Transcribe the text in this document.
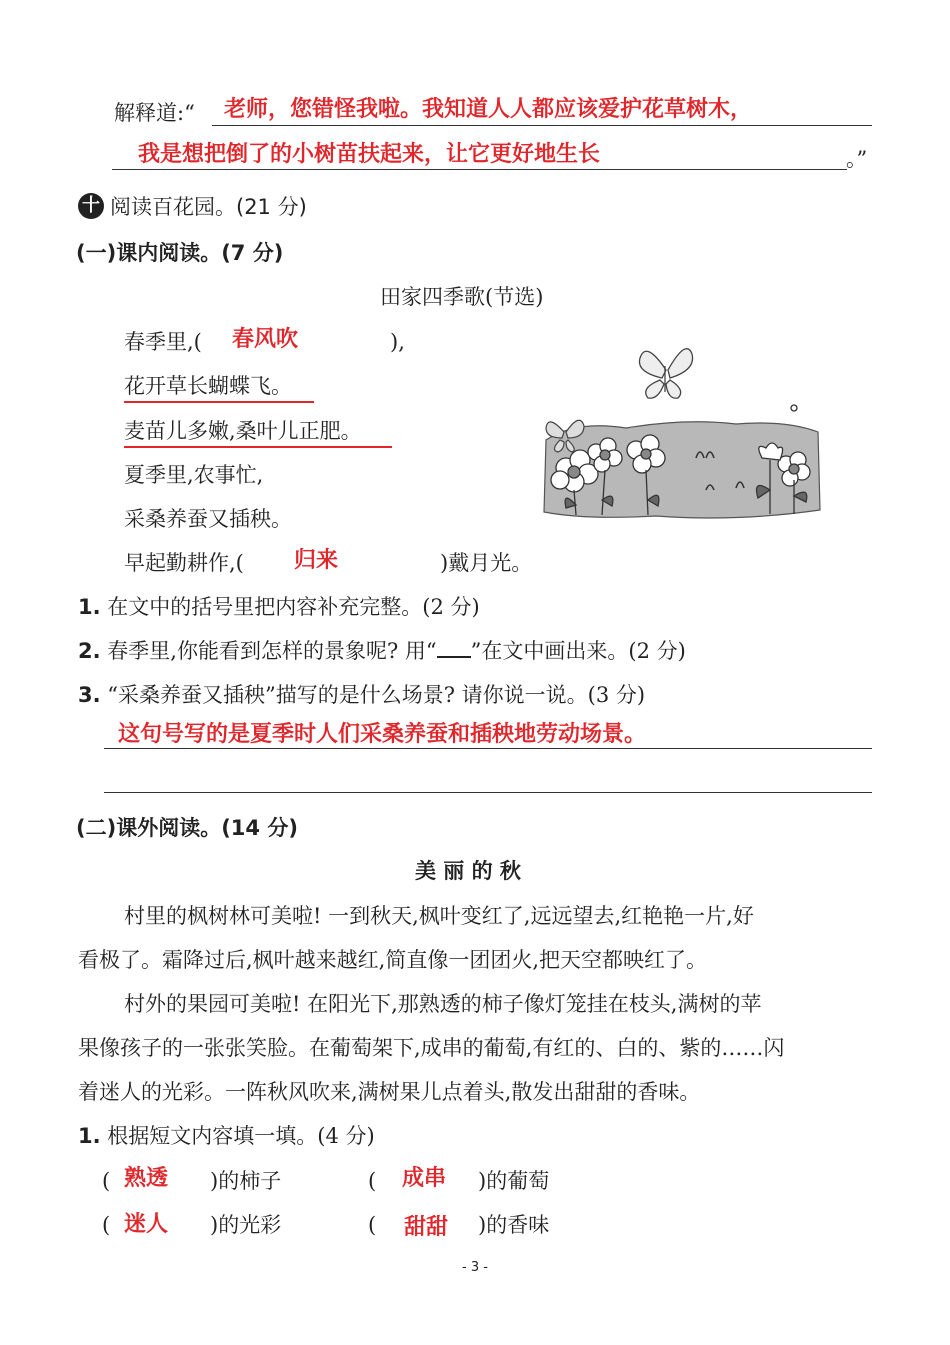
解释道:“ 老师，您错怪我啦。我知道人人都应该爱护花草树木，
我是想把倒了的小树苗扶起来，让它更好地生长	。”
十 阅读百花园。(21 分)
(一)课内阅读。(7 分)
田家四季歌(节选)
春季里,( 春风吹	),
花开草长蝴蝶飞。
麦苗儿多嫩,桑叶儿正肥。
夏季里,农事忙,
采桑养蚕又插秧。
早起勤耕作,( 归来	)戴月光。
1. 在文中的括号里把内容补充完整。(2 分)
2. 春季里,你能看到怎样的景象呢? 用“ ”在文中画出来。(2 分)
3. “采桑养蚕又插秧”描写的是什么场景? 请你说一说。(3 分)
这句号写的是夏季时人们采桑养蚕和插秧地劳动场景。
(二)课外阅读。(14 分)
美 丽 的 秋
村里的枫树林可美啦! 一到秋天,枫叶变红了,远远望去,红艳艳一片,好
看极了。霜降过后,枫叶越来越红,简直像一团团火,把天空都映红了。
村外的果园可美啦! 在阳光下,那熟透的柿子像灯笼挂在枝头,满树的苹
果像孩子的一张张笑脸。在葡萄架下,成串的葡萄,有红的、白的、紫的……闪
着迷人的光彩。一阵秋风吹来,满树果儿点着头,散发出甜甜的香味。
1. 根据短文内容填一填。(4 分)
( 熟透 )的柿子	( 成串 )的葡萄
( 迷人 )的光彩	( 甜甜 )的香味
- 3 -
